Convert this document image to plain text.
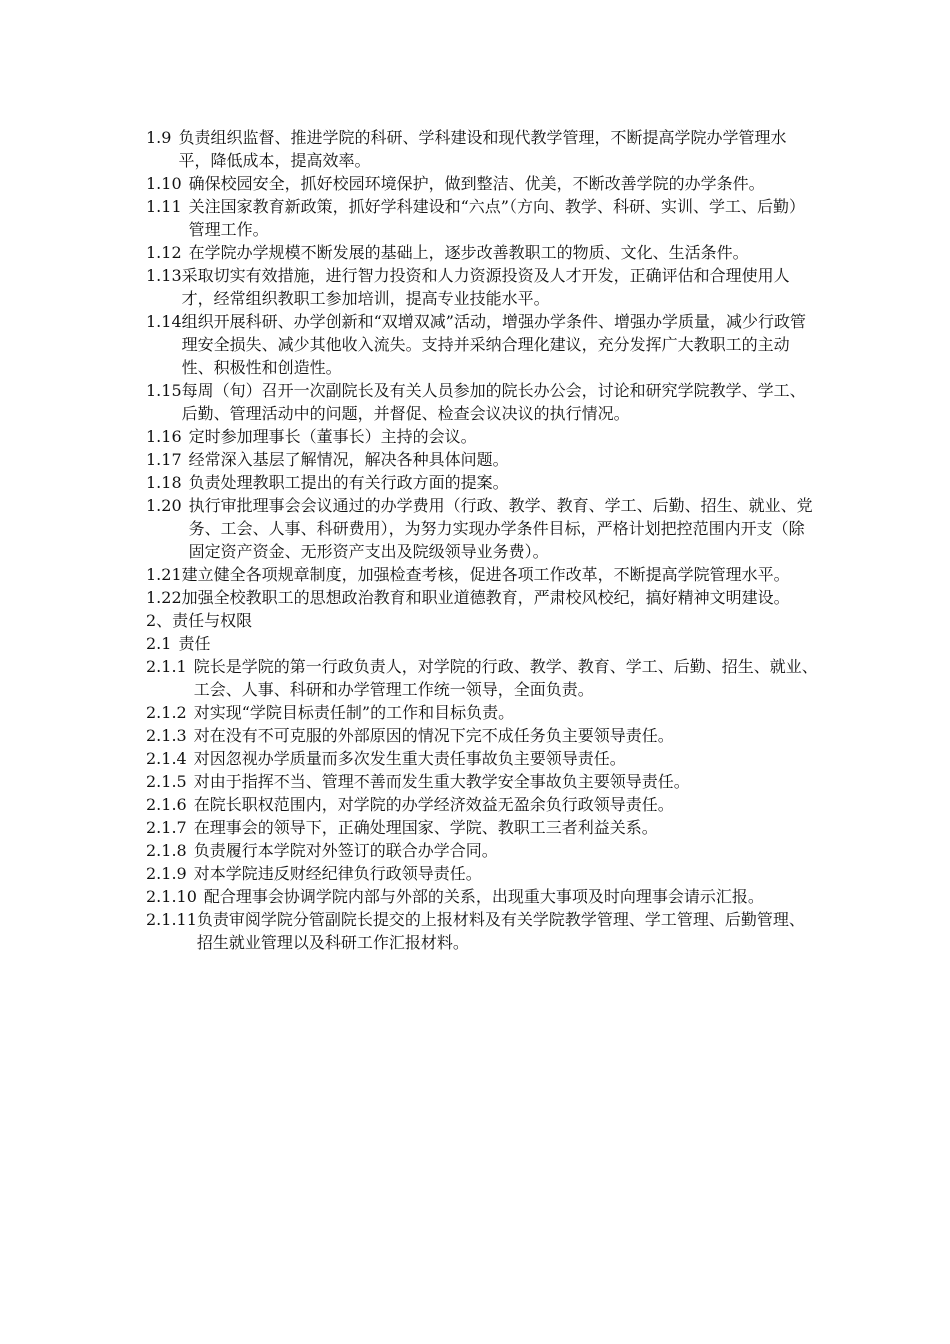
1.9 负责组织监督、推进学院的科研、学科建设和现代教学管理，不断提高学院办学管理水平，降低成本，提高效率。
1.10 确保校园安全，抓好校园环境保护，做到整洁、优美，不断改善学院的办学条件。
1.11 关注国家教育新政策，抓好学科建设和“六点”（方向、教学、科研、实训、学工、后勤）管理工作。
1.12 在学院办学规模不断发展的基础上，逐步改善教职工的物质、文化、生活条件。
1.13 采取切实有效措施，进行智力投资和人力资源投资及人才开发，正确评估和合理使用人才，经常组织教职工参加培训，提高专业技能水平。
1.14 组织开展科研、办学创新和“双增双减”活动，增强办学条件、增强办学质量，减少行政管理安全损失、减少其他收入流失。支持并采纳合理化建议，充分发挥广大教职工的主动性、积极性和创造性。
1.15 每周（旬）召开一次副院长及有关人员参加的院长办公会，讨论和研究学院教学、学工、后勤、管理活动中的问题，并督促、检查会议决议的执行情况。
1.16 定时参加理事长（董事长）主持的会议。
1.17 经常深入基层了解情况，解决各种具体问题。
1.18 负责处理教职工提出的有关行政方面的提案。
1.20 执行审批理事会会议通过的办学费用（行政、教学、教育、学工、后勤、招生、就业、党务、工会、人事、科研费用），为努力实现办学条件目标，严格计划把控范围内开支（除固定资产资金、无形资产支出及院级领导业务费）。
1.21 建立健全各项规章制度，加强检查考核，促进各项工作改革，不断提高学院管理水平。
1.22 加强全校教职工的思想政治教育和职业道德教育，严肃校风校纪，搞好精神文明建设。
2、责任与权限
2.1 责任
2.1.1 院长是学院的第一行政负责人，对学院的行政、教学、教育、学工、后勤、招生、就业、工会、人事、科研和办学管理工作统一领导，全面负责。
2.1.2 对实现“学院目标责任制”的工作和目标负责。
2.1.3 对在没有不可克服的外部原因的情况下完不成任务负主要领导责任。
2.1.4 对因忽视办学质量而多次发生重大责任事故负主要领导责任。
2.1.5 对由于指挥不当、管理不善而发生重大教学安全事故负主要领导责任。
2.1.6 在院长职权范围内，对学院的办学经济效益无盈余负行政领导责任。
2.1.7 在理事会的领导下，正确处理国家、学院、教职工三者利益关系。
2.1.8 负责履行本学院对外签订的联合办学合同。
2.1.9 对本学院违反财经纪律负行政领导责任。
2.1.10 配合理事会协调学院内部与外部的关系，出现重大事项及时向理事会请示汇报。
2.1.11 负责审阅学院分管副院长提交的上报材料及有关学院教学管理、学工管理、后勤管理、招生就业管理以及科研工作汇报材料。
